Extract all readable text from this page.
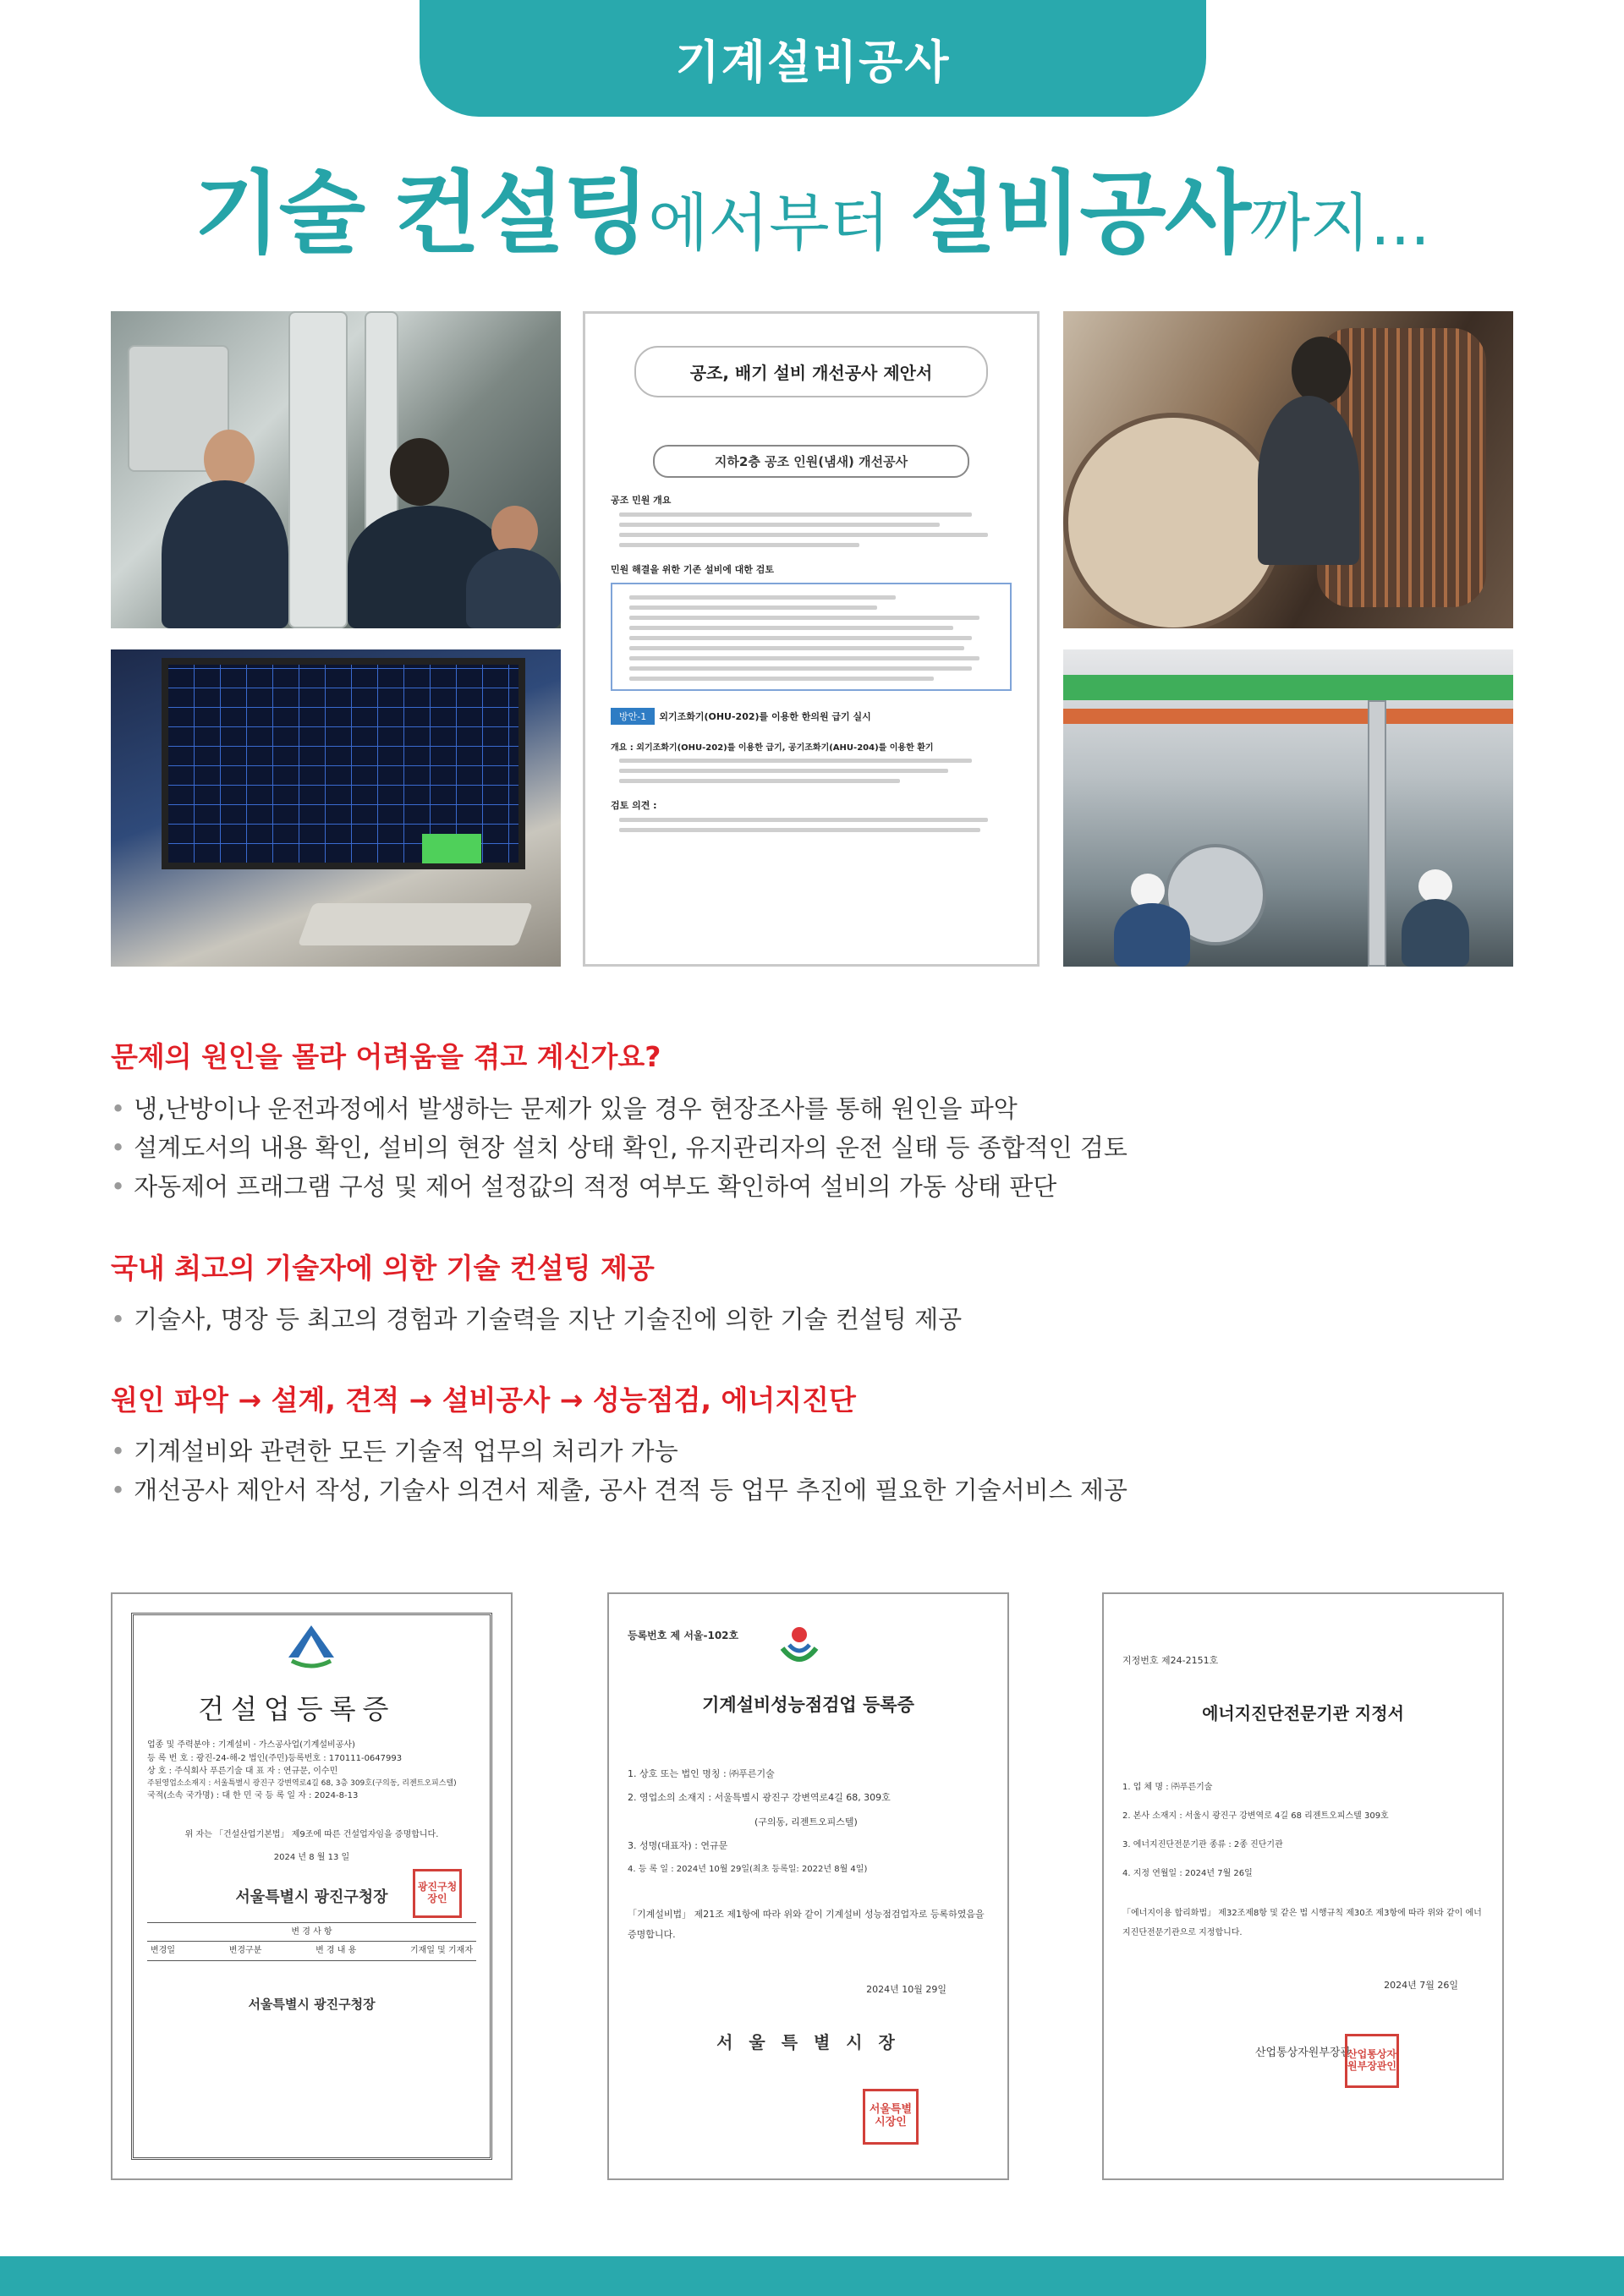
기계설비공사
기술 컨설팅에서부터 설비공사까지...
공조, 배기 설비 개선공사 제안서
지하2층 공조 인원(냄새) 개선공사
공조 민원 개요
민원 해결을 위한 기존 설비에 대한 검토
방안-1 외기조화기(OHU-202)를 이용한 한의원 급기 실시
개요 : 외기조화기(OHU-202)를 이용한 급기, 공기조화기(AHU-204)를 이용한 환기
검토 의견 :
문제의 원인을 몰라 어려움을 겪고 계신가요?
• 냉,난방이나 운전과정에서 발생하는 문제가 있을 경우 현장조사를 통해 원인을 파악
• 설계도서의 내용 확인, 설비의 현장 설치 상태 확인, 유지관리자의 운전 실태 등 종합적인 검토
• 자동제어 프래그램 구성 및 제어 설정값의 적정 여부도 확인하여 설비의 가동 상태 판단
국내 최고의 기술자에 의한 기술 컨설팅 제공
• 기술사, 명장 등 최고의 경험과 기술력을 지난 기술진에 의한 기술 컨설팅 제공
원인 파악 → 설계, 견적 → 설비공사 → 성능점검, 에너지진단
• 기계설비와 관련한 모든 기술적 업무의 처리가 가능
• 개선공사 제안서 작성, 기술사 의견서 제출, 공사 견적 등 업무 추진에 필요한 기술서비스 제공
건설업등록증
업종 및 주력분야 : 기계설비 · 가스공사업(기계설비공사)
등 록 번 호 : 광진-24-해-2 법인(주민)등록번호 : 170111-0647993
상 호 : 주식회사 푸른기술 대 표 자 : 연규문, 이수민
주된영업소소재지 : 서울특별시 광진구 강변역로4길 68, 3층 309호(구의동, 리젠트오피스텔)
국적(소속 국가명) : 대 한 민 국 등 록 일 자 : 2024-8-13
위 자는 「건설산업기본법」 제9조에 따른 건설업자임을 증명합니다.
2024 년 8 월 13 일
서울특별시 광진구청장
변 경 사 항
변경일	변경구분	변 경 내 용	기재일 및 기재자
서울특별시 광진구청장
광진구청장인
등록번호 제 서울-102호
기계설비성능점검업 등록증
1. 상호 또는 법인 명칭 : ㈜푸른기술
2. 영업소의 소재지 : 서울특별시 광진구 강변역로4길 68, 309호
(구의동, 리젠트오피스텔)
3. 성명(대표자) : 연규문
4. 등 록 일 : 2024년 10월 29일(최초 등록일: 2022년 8월 4일)
「기계설비법」 제21조 제1항에 따라 위와 같이 기계설비 성능점검업자로 등록하였음을 증명합니다.
2024년 10월 29일
서 울 특 별 시 장
서울특별시장인
지정번호 제24-2151호
에너지진단전문기관 지정서
1. 업 체 명 : ㈜푸른기술
2. 본사 소재지 : 서울시 광진구 강변역로 4길 68 리젠트오피스텔 309호
3. 에너지진단전문기관 종류 : 2종 진단기관
4. 지정 연월일 : 2024년 7월 26일
「에너지이용 합리화법」 제32조제8항 및 같은 법 시행규칙 제30조 제3항에 따라 위와 같이 에너지진단전문기관으로 지정합니다.
2024년 7월 26일
산업통상자원부장관
산업통상자원부장관인
